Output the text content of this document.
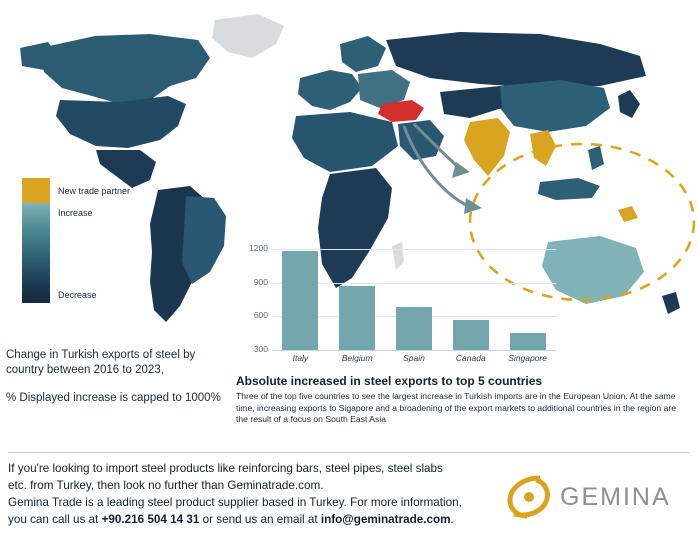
New trade partner
Increase
Decrease
Change in Turkish exports of steel by country between 2016 to 2023,
% Displayed increase is capped to 1000%
1200
900
600
300
Italy	Belgium	Spain	Canada	Singapore
Absolute increased in steel exports to top 5 countries

Three of the top five countries to see the largest increase in Turkish imports are in the European Union. At the same time, increasing exports to Sigapore and a broadening of the export markets to additional countries in the region are the result of a focus on South East Asia

If you're looking to import steel products like reinforcing bars, steel pipes, steel slabs
etc. from Turkey, then look no further than Geminatrade.com.
Gemina Trade is a leading steel product supplier based in Turkey. For more information,
you can call us at +90.216 504 14 31 or send us an email at info@geminatrade.com.
GEMINA
